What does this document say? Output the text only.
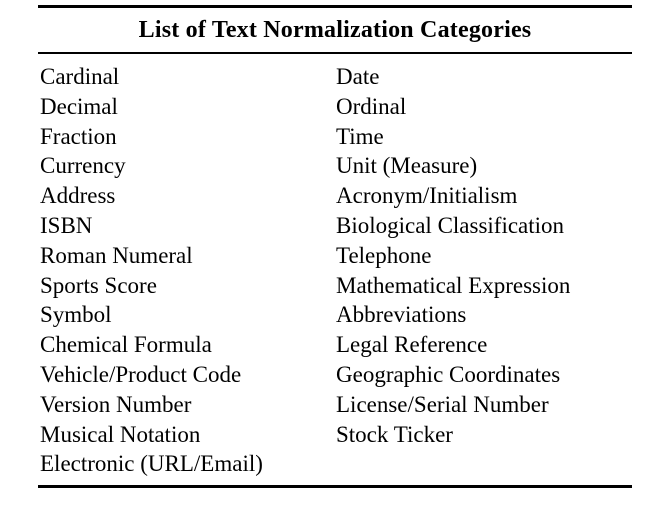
List of Text Normalization Categories
Cardinal	Date
Decimal	Ordinal
Fraction	Time
Currency	Unit (Measure)
Address	Acronym/Initialism
ISBN	Biological Classification
Roman Numeral	Telephone
Sports Score	Mathematical Expression
Symbol	Abbreviations
Chemical Formula	Legal Reference
Vehicle/Product Code	Geographic Coordinates
Version Number	License/Serial Number
Musical Notation	Stock Ticker
Electronic (URL/Email)
